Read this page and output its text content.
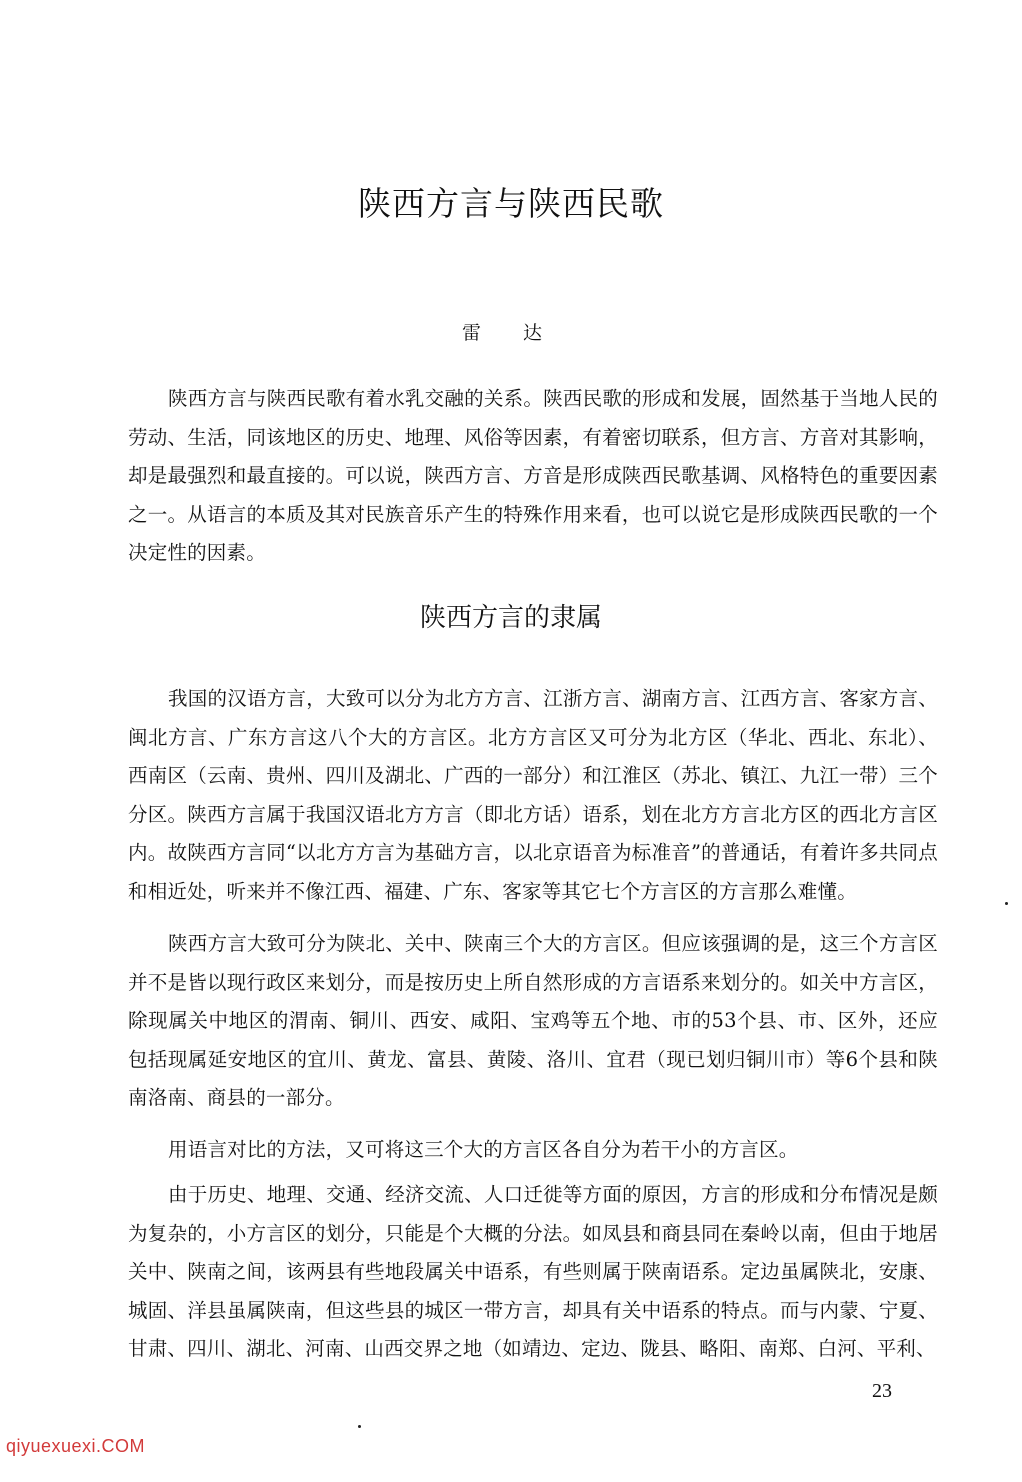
陕西方言与陕西民歌
雷 达

陕西方言与陕西民歌有着水乳交融的关系。陕西民歌的形成和发展，固然基于当地人民的劳动、生活，同该地区的历史、地理、风俗等因素，有着密切联系，但方言、方音对其影响，却是最强烈和最直接的。可以说，陕西方言、方音是形成陕西民歌基调、风格特色的重要因素之一。从语言的本质及其对民族音乐产生的特殊作用来看，也可以说它是形成陕西民歌的一个决定性的因素。

陕西方言的隶属

我国的汉语方言，大致可以分为北方方言、江浙方言、湖南方言、江西方言、客家方言、闽北方言、广东方言这八个大的方言区。北方方言区又可分为北方区（华北、西北、东北）、西南区（云南、贵州、四川及湖北、广西的一部分）和江淮区（苏北、镇江、九江一带）三个分区。陕西方言属于我国汉语北方方言（即北方话）语系，划在北方方言北方区的西北方言区内。故陕西方言同“以北方方言为基础方言，以北京语音为标准音”的普通话，有着许多共同点和相近处，听来并不像江西、福建、广东、客家等其它七个方言区的方言那么难懂。

陕西方言大致可分为陕北、关中、陕南三个大的方言区。但应该强调的是，这三个方言区并不是皆以现行政区来划分，而是按历史上所自然形成的方言语系来划分的。如关中方言区，除现属关中地区的渭南、铜川、西安、咸阳、宝鸡等五个地、市的53个县、市、区外，还应包括现属延安地区的宜川、黄龙、富县、黄陵、洛川、宜君（现已划归铜川市）等6个县和陕南洛南、商县的一部分。

用语言对比的方法，又可将这三个大的方言区各自分为若干小的方言区。

由于历史、地理、交通、经济交流、人口迁徙等方面的原因，方言的形成和分布情况是颇为复杂的，小方言区的划分，只能是个大概的分法。如凤县和商县同在秦岭以南，但由于地居关中、陕南之间，该两县有些地段属关中语系，有些则属于陕南语系。定边虽属陕北，安康、城固、洋县虽属陕南，但这些县的城区一带方言，却具有关中语系的特点。而与内蒙、宁夏、甘肃、四川、湖北、河南、山西交界之地（如靖边、定边、陇县、略阳、南郑、白河、平利、

23
qiyuexuexi.COM
